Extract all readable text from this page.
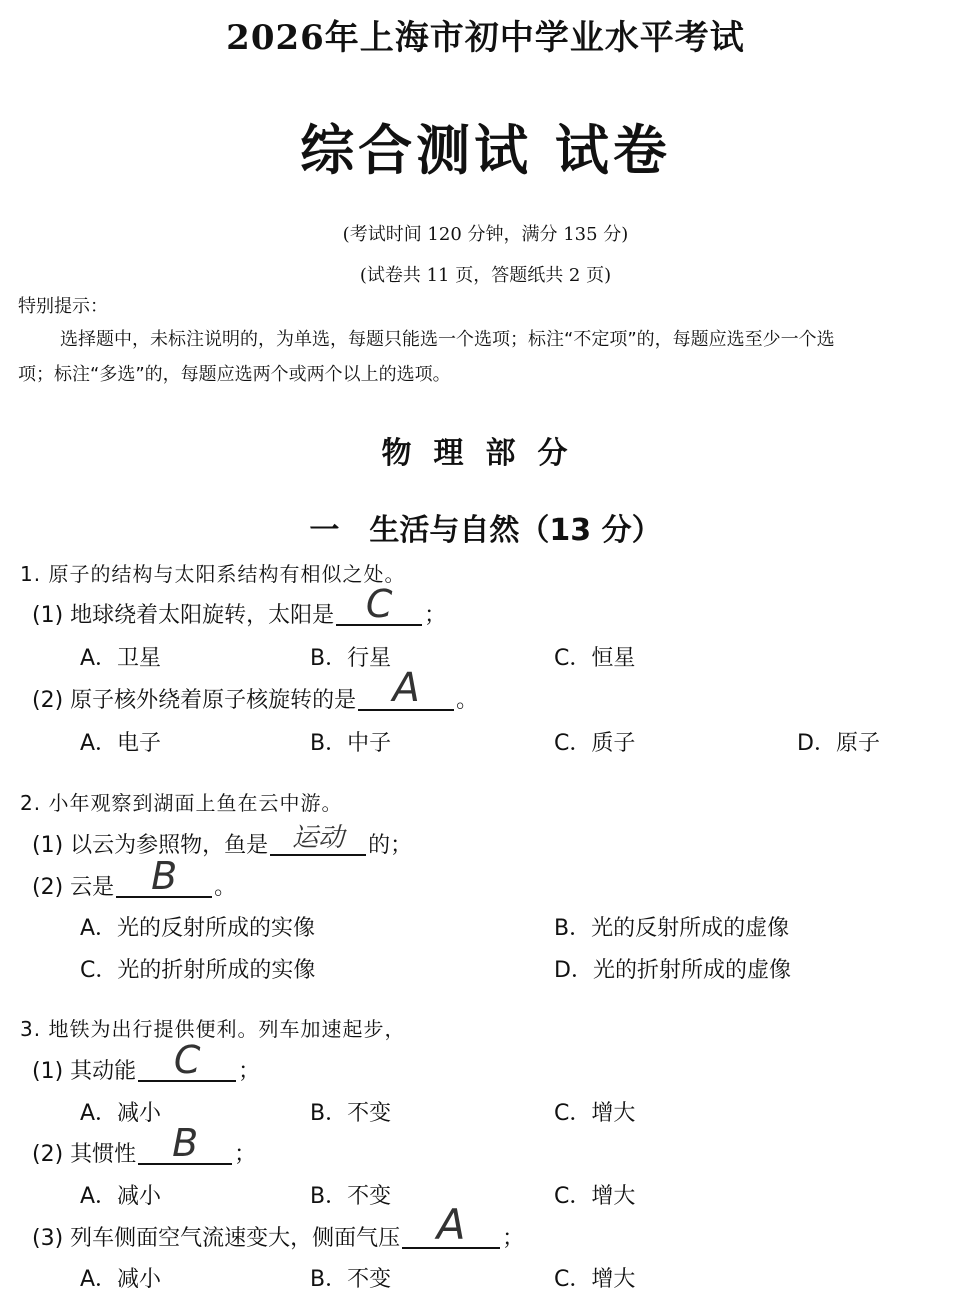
2026年上海市初中学业水平考试
综合测试 试卷
(考试时间 120 分钟，满分 135 分)
(试卷共 11 页，答题纸共 2 页)
特别提示：
选择题中，未标注说明的，为单选，每题只能选一个选项；标注“不定项”的，每题应选至少一个选
项；标注“多选”的，每题应选两个或两个以上的选项。
物理部分
一　生活与自然（13 分）
1. 原子的结构与太阳系结构有相似之处。
(1) 地球绕着太阳旋转，太阳是 C	；
A．卫星	B．行星	C．恒星
(2) 原子核外绕着原子核旋转的是 A	。
A．电子	B．中子	C．质子	D．原子
2. 小年观察到湖面上鱼在云中游。
(1) 以云为参照物，鱼是 运动	的；
(2) 云是 B	。
A．光的反射所成的实像	B．光的反射所成的虚像
C．光的折射所成的实像	D．光的折射所成的虚像
3. 地铁为出行提供便利。列车加速起步，
(1) 其动能 C	；
A．减小	B．不变	C．增大
(2) 其惯性 B	；
A．减小	B．不变	C．增大
(3) 列车侧面空气流速变大，侧面气压 A	；
A．减小	B．不变	C．增大
